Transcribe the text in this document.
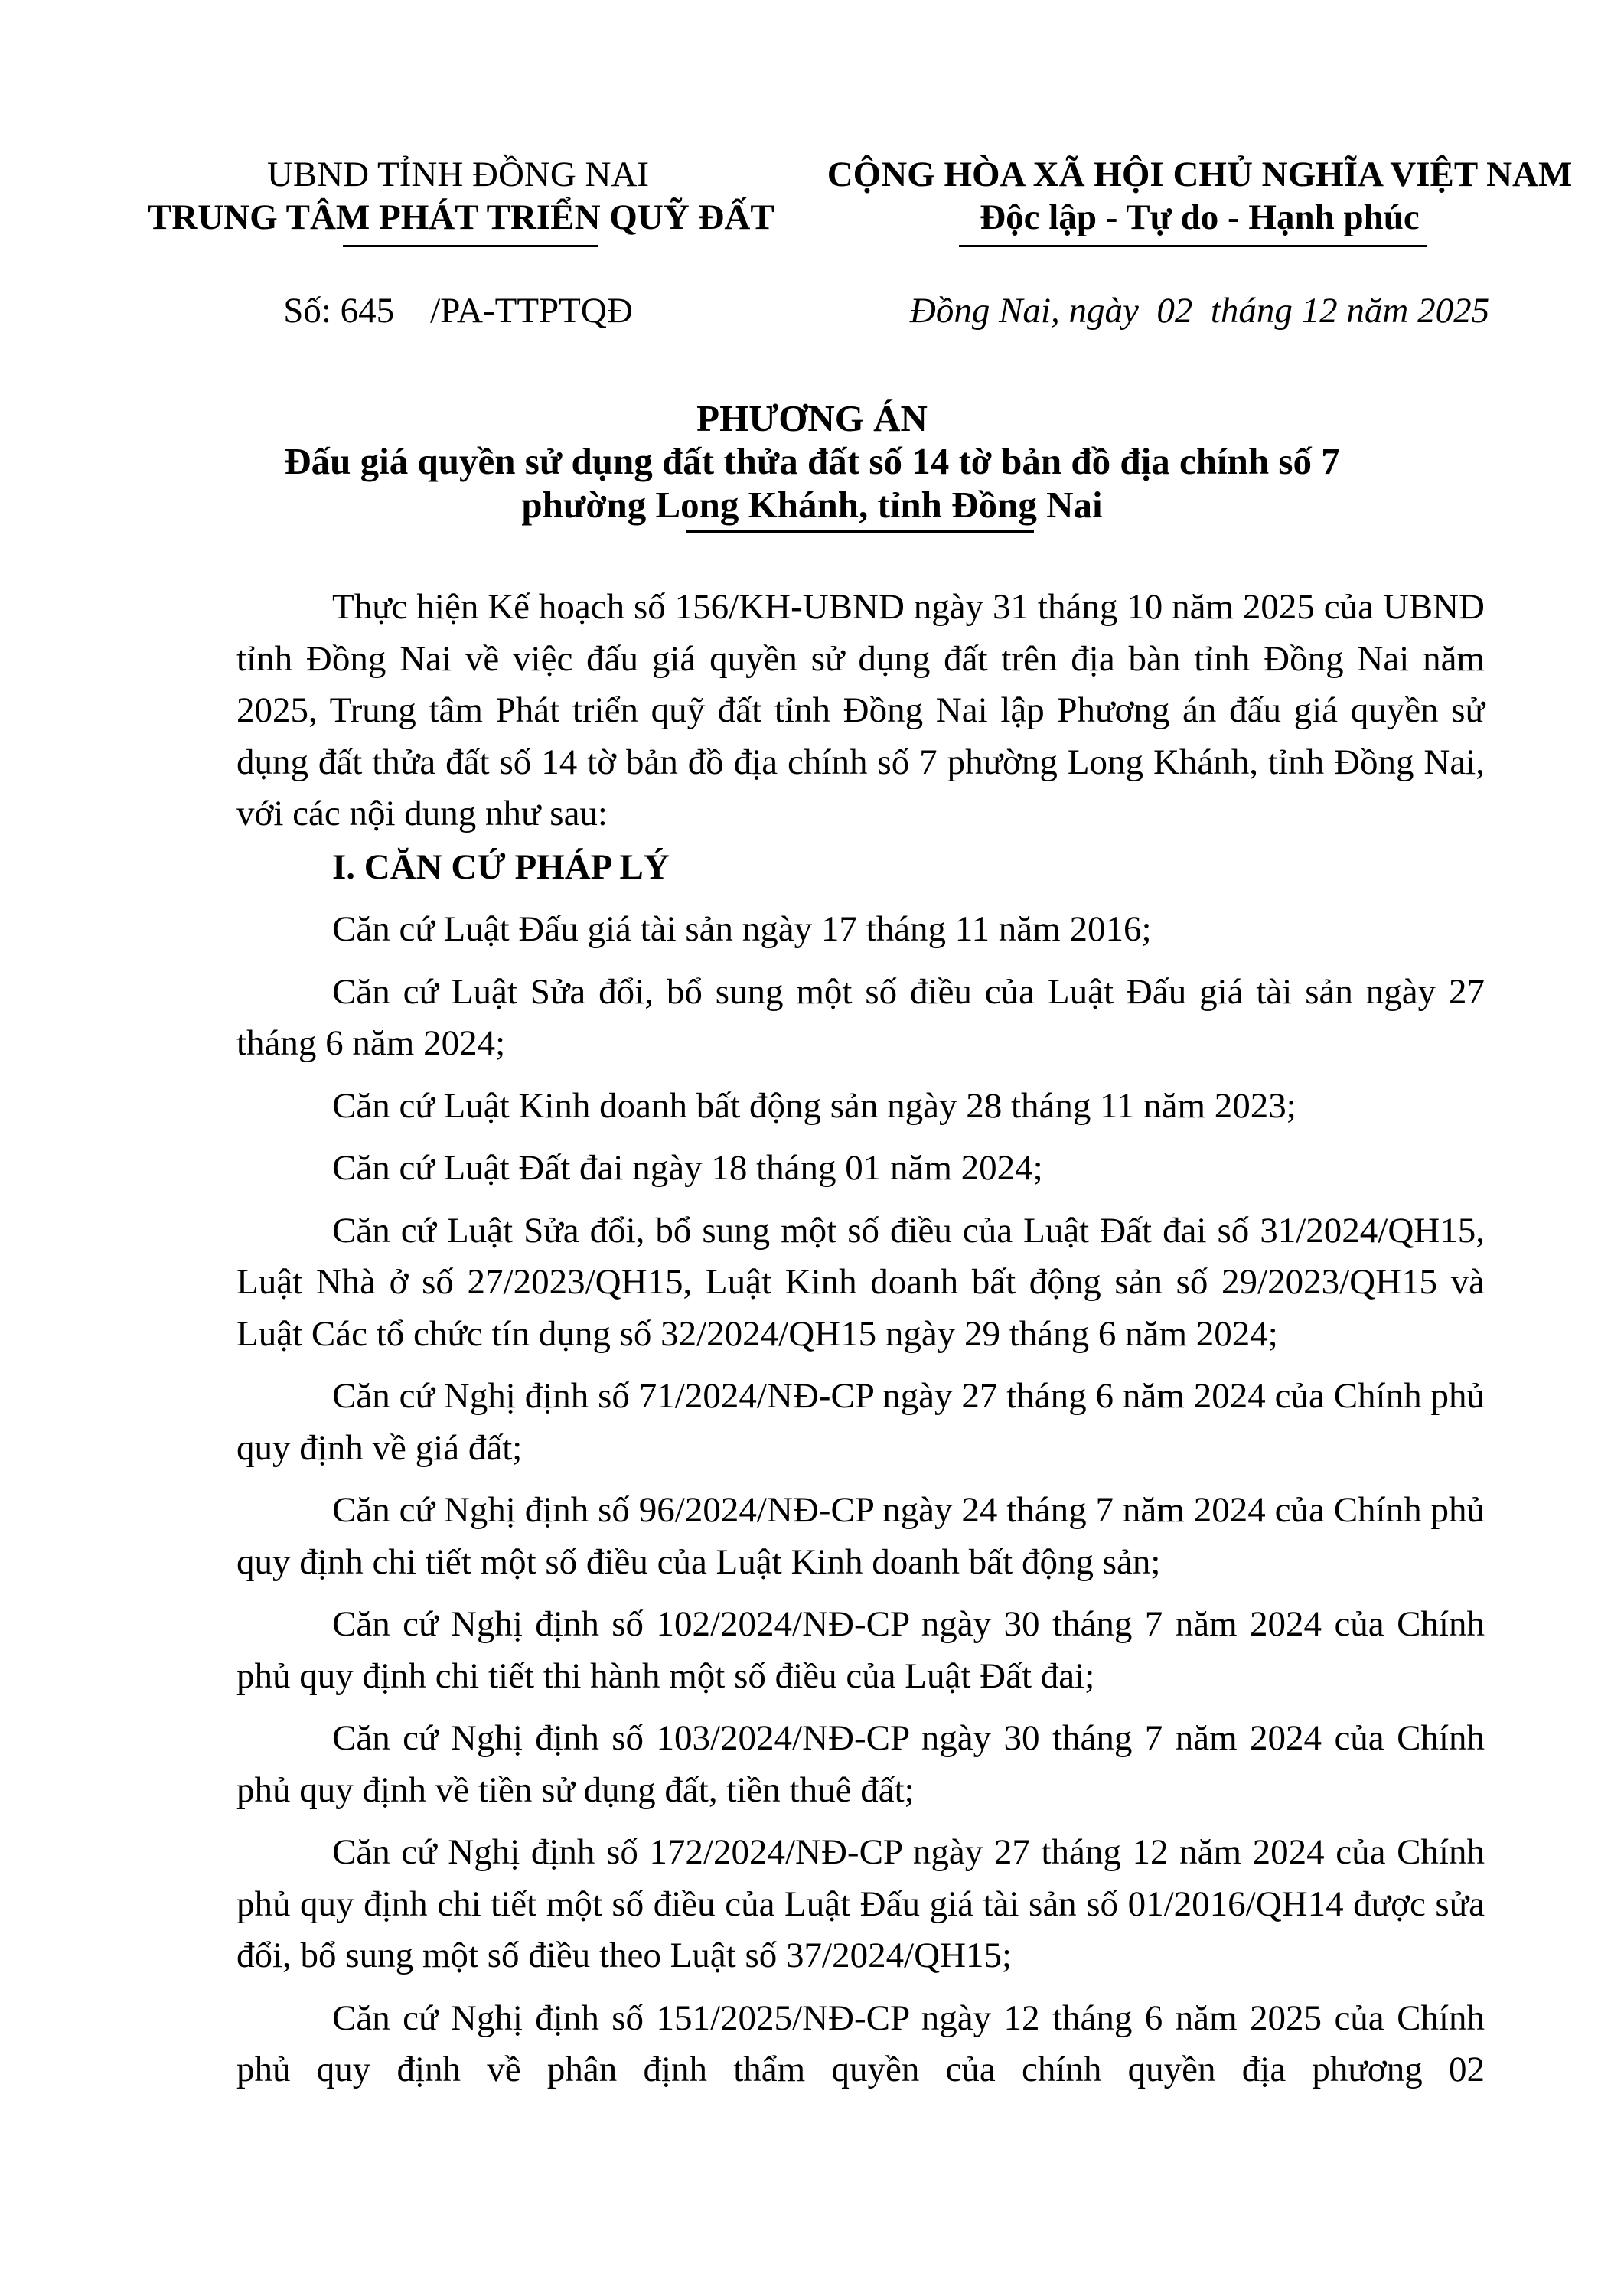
UBND TỈNH ĐỒNG NAI
TRUNG TÂM PHÁT TRIỂN QUỸ ĐẤT
Số: 645    /PA-TTPTQĐ
CỘNG HÒA XÃ HỘI CHỦ NGHĨA VIỆT NAM
Độc lập - Tự do - Hạnh phúc
Đồng Nai, ngày  02  tháng 12 năm 2025
PHƯƠNG ÁN
Đấu giá quyền sử dụng đất thửa đất số 14 tờ bản đồ địa chính số 7
phường Long Khánh, tỉnh Đồng Nai

Thực hiện Kế hoạch số 156/KH-UBND ngày 31 tháng 10 năm 2025 của UBND tỉnh Đồng Nai về việc đấu giá quyền sử dụng đất trên địa bàn tỉnh Đồng Nai năm 2025, Trung tâm Phát triển quỹ đất tỉnh Đồng Nai lập Phương án đấu giá quyền sử dụng đất thửa đất số 14 tờ bản đồ địa chính số 7 phường Long Khánh, tỉnh Đồng Nai, với các nội dung như sau:

I. CĂN CỨ PHÁP LÝ

Căn cứ Luật Đấu giá tài sản ngày 17 tháng 11 năm 2016;

Căn cứ Luật Sửa đổi, bổ sung một số điều của Luật Đấu giá tài sản ngày 27 tháng 6 năm 2024;

Căn cứ Luật Kinh doanh bất động sản ngày 28 tháng 11 năm 2023;

Căn cứ Luật Đất đai ngày 18 tháng 01 năm 2024;

Căn cứ Luật Sửa đổi, bổ sung một số điều của Luật Đất đai số 31/2024/QH15, Luật Nhà ở số 27/2023/QH15, Luật Kinh doanh bất động sản số 29/2023/QH15 và Luật Các tổ chức tín dụng số 32/2024/QH15 ngày 29 tháng 6 năm 2024;

Căn cứ Nghị định số 71/2024/NĐ-CP ngày 27 tháng 6 năm 2024 của Chính phủ quy định về giá đất;

Căn cứ Nghị định số 96/2024/NĐ-CP ngày 24 tháng 7 năm 2024 của Chính phủ quy định chi tiết một số điều của Luật Kinh doanh bất động sản;

Căn cứ Nghị định số 102/2024/NĐ-CP ngày 30 tháng 7 năm 2024 của Chính phủ quy định chi tiết thi hành một số điều của Luật Đất đai;

Căn cứ Nghị định số 103/2024/NĐ-CP ngày 30 tháng 7 năm 2024 của Chính phủ quy định về tiền sử dụng đất, tiền thuê đất;

Căn cứ Nghị định số 172/2024/NĐ-CP ngày 27 tháng 12 năm 2024 của Chính phủ quy định chi tiết một số điều của Luật Đấu giá tài sản số 01/2016/QH14 được sửa đổi, bổ sung một số điều theo Luật số 37/2024/QH15;

Căn cứ Nghị định số 151/2025/NĐ-CP ngày 12 tháng 6 năm 2025 của Chính phủ quy định về phân định thẩm quyền của chính quyền địa phương 02
